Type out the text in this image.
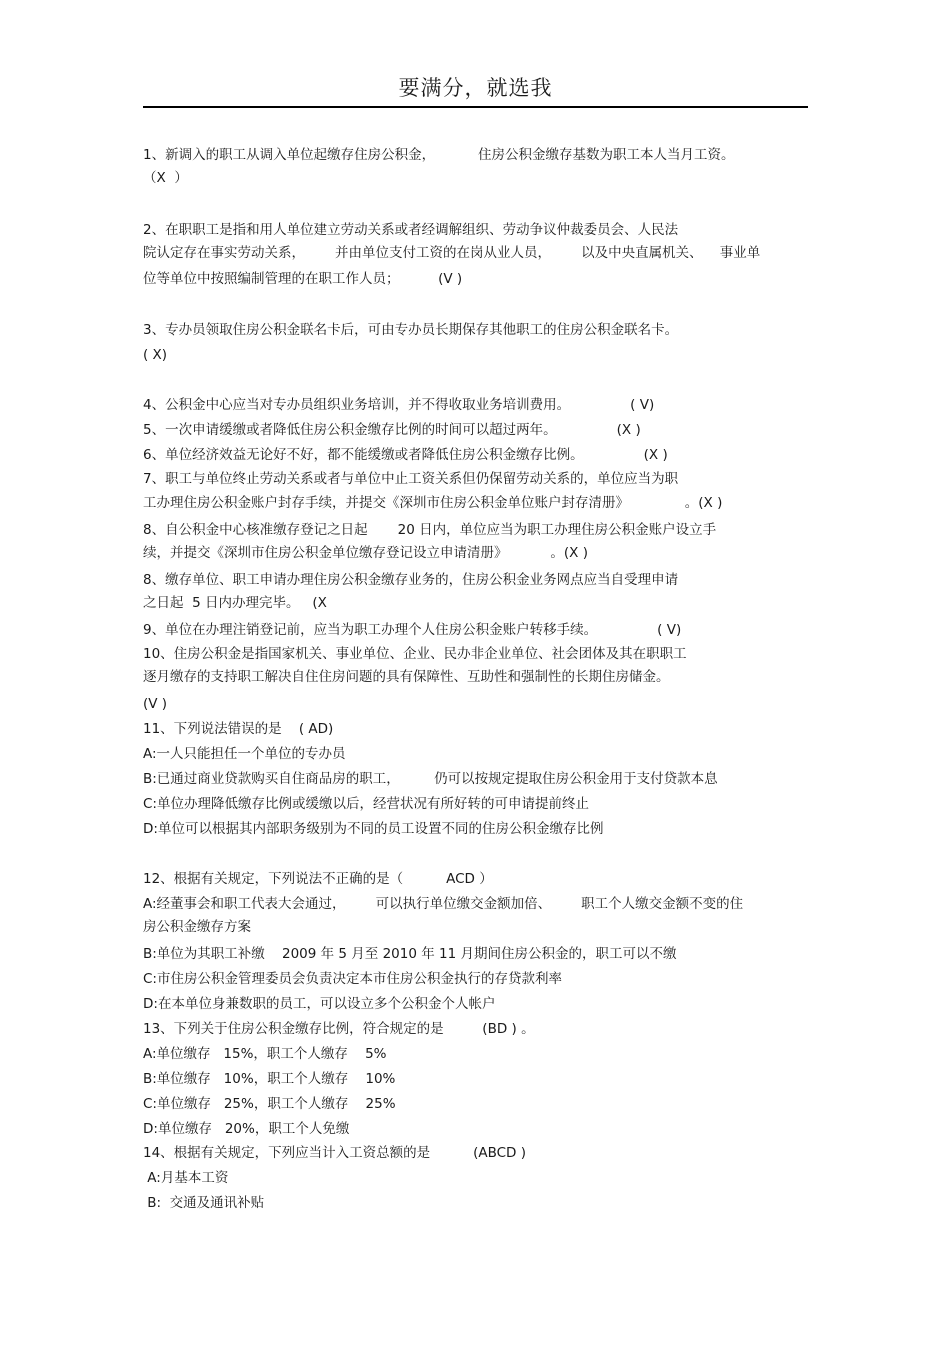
要满分，就选我
1、新调入的职工从调入单位起缴存住房公积金，          住房公积金缴存基数为职工本人当月工资。
（X  ）
2、在职职工是指和用人单位建立劳动关系或者经调解组织、劳动争议仲裁委员会、人民法
院认定存在事实劳动关系，       并由单位支付工资的在岗从业人员，       以及中央直属机关、    事业单
位等单位中按照编制管理的在职工作人员；         (V )
3、专办员领取住房公积金联名卡后，可由专办员长期保存其他职工的住房公积金联名卡。
( X)
4、公积金中心应当对专办员组织业务培训，并不得收取业务培训费用。              ( V)
5、一次申请缓缴或者降低住房公积金缴存比例的时间可以超过两年。              (X )
6、单位经济效益无论好不好，都不能缓缴或者降低住房公积金缴存比例。              (X )
7、职工与单位终止劳动关系或者与单位中止工资关系但仍保留劳动关系的，单位应当为职
工办理住房公积金账户封存手续，并提交《深圳市住房公积金单位账户封存清册》             。(X )
8、自公积金中心核准缴存登记之日起       20 日内，单位应当为职工办理住房公积金账户设立手
续，并提交《深圳市住房公积金单位缴存登记设立申请清册》          。(X )
8、缴存单位、职工申请办理住房公积金缴存业务的，住房公积金业务网点应当自受理申请
之日起  5 日内办理完毕。   (X
9、单位在办理注销登记前，应当为职工办理个人住房公积金账户转移手续。              ( V)
10、住房公积金是指国家机关、事业单位、企业、民办非企业单位、社会团体及其在职职工
逐月缴存的支持职工解决自住住房问题的具有保障性、互助性和强制性的长期住房储金。
(V )
11、下列说法错误的是    ( AD)
A:一人只能担任一个单位的专办员
B:已通过商业贷款购买自住商品房的职工，        仍可以按规定提取住房公积金用于支付贷款本息
C:单位办理降低缴存比例或缓缴以后，经营状况有所好转的可申请提前终止
D:单位可以根据其内部职务级别为不同的员工设置不同的住房公积金缴存比例
12、根据有关规定，下列说法不正确的是（          ACD ）
A:经董事会和职工代表大会通过，       可以执行单位缴交金额加倍、       职工个人缴交金额不变的住
房公积金缴存方案
B:单位为其职工补缴    2009 年 5 月至 2010 年 11 月期间住房公积金的，职工可以不缴
C:市住房公积金管理委员会负责决定本市住房公积金执行的存贷款利率
D:在本单位身兼数职的员工，可以设立多个公积金个人帐户
13、下列关于住房公积金缴存比例，符合规定的是         (BD ) 。
A:单位缴存   15%，职工个人缴存    5%
B:单位缴存   10%，职工个人缴存    10%
C:单位缴存   25%，职工个人缴存    25%
D:单位缴存   20%，职工个人免缴
14、根据有关规定，下列应当计入工资总额的是          (ABCD )
A:月基本工资
B:  交通及通讯补贴
